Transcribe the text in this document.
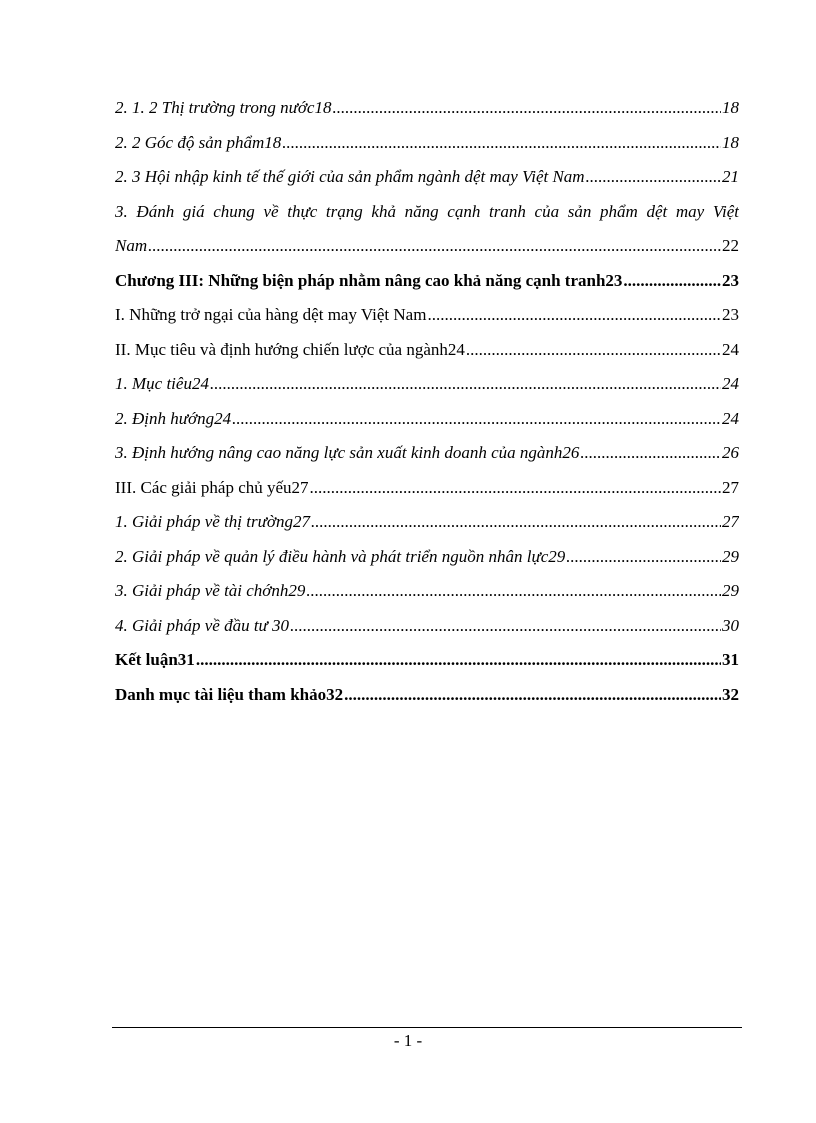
2. 1. 2 Thị trường trong nước18 .....	18
2. 2 Góc độ sản phẩm18 .....	18
2. 3 Hội nhập kinh tế thế giới của sản phẩm ngành dệt may Việt Nam .....	21
3. Đánh giá chung về thực trạng khả năng cạnh tranh của sản phẩm dệt may Việt
Nam .....	22
Chương III: Những biện pháp nhằm nâng cao khả năng cạnh tranh23 .....	23
I. Những trở ngại của hàng dệt may Việt Nam .....	23
II. Mục tiêu và định hướng chiến lược của ngành24 .....	24
1. Mục tiêu24 .....	24
2. Định hướng24 .....	24
3. Định hướng nâng cao năng lực sản xuất kinh doanh của ngành26 .....	26
III. Các giải pháp chủ yếu27 .....	27
1. Giải pháp về thị trường27 .....	27
2. Giải pháp về quản lý điều hành và phát triển nguồn nhân lực29 .....	29
3. Giải pháp về tài chớnh29 .....	29
4. Giải pháp về đầu tư 30 .....	30
Kết luận31 .....	31
Danh mục tài liệu tham khảo32 .....	32
- 1 -
